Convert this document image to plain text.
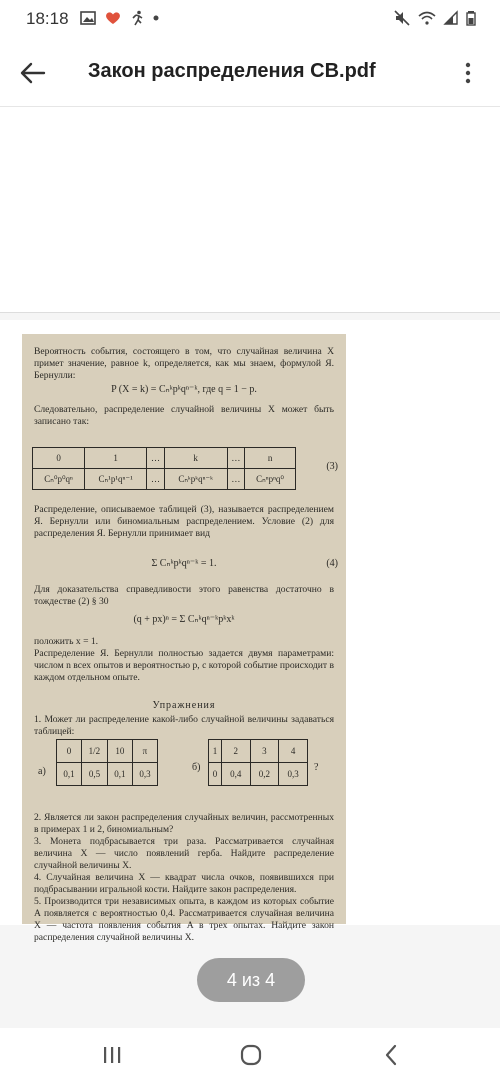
18:18
Закон распределения СВ.pdf

Вероятность события, состоящего в том, что случайная величина X примет значение, равное k, определяется, как мы знаем, формулой Я. Бернулли:

P (X = k) = Cₙᵏpᵏqⁿ⁻ᵏ, где q = 1 − p.

Следовательно, распределение случайной величины X может быть записано так:

0	1	…	k	…	n
Cₙ⁰p⁰qⁿ	Cₙ¹p¹qⁿ⁻¹	…	Cₙᵏpᵏqⁿ⁻ᵏ	…	Cₙⁿpⁿq⁰
(3)

Распределение, описываемое таблицей (3), называется распределением Я. Бернулли или биномиальным распределением. Условие (2) для распределения Я. Бернулли принимает вид

Σ Cₙᵏpᵏqⁿ⁻ᵏ = 1.	(4)

Для доказательства справедливости этого равенства достаточно в тождестве (2) § 30

(q + px)ⁿ = Σ Cₙᵏqⁿ⁻ᵏpᵏxᵏ

положить x = 1.

Распределение Я. Бернулли полностью задается двумя параметрами: числом n всех опытов и вероятностью p, с которой событие происходит в каждом отдельном опыте.

Упражнения

1. Может ли распределение какой-либо случайной величины задаваться таблицей:

а)
0	1/2	10	π
0,1	0,5	0,1	0,3
б)
1	2	3	4
0	0,4	0,2	0,3
?

2. Является ли закон распределения случайных величин, рассмотренных в примерах 1 и 2, биномиальным?

3. Монета подбрасывается три раза. Рассматривается случайная величина X — число появлений герба. Найдите распределение случайной величины X.

4. Случайная величина X — квадрат числа очков, появившихся при подбрасывании игральной кости. Найдите закон распределения.

5. Производится три независимых опыта, в каждом из которых событие A появляется с вероятностью 0,4. Рассматривается случайная величина X — частота появления события A в трех опытах. Найдите закон распределения случайной величины X.

4 из 4
